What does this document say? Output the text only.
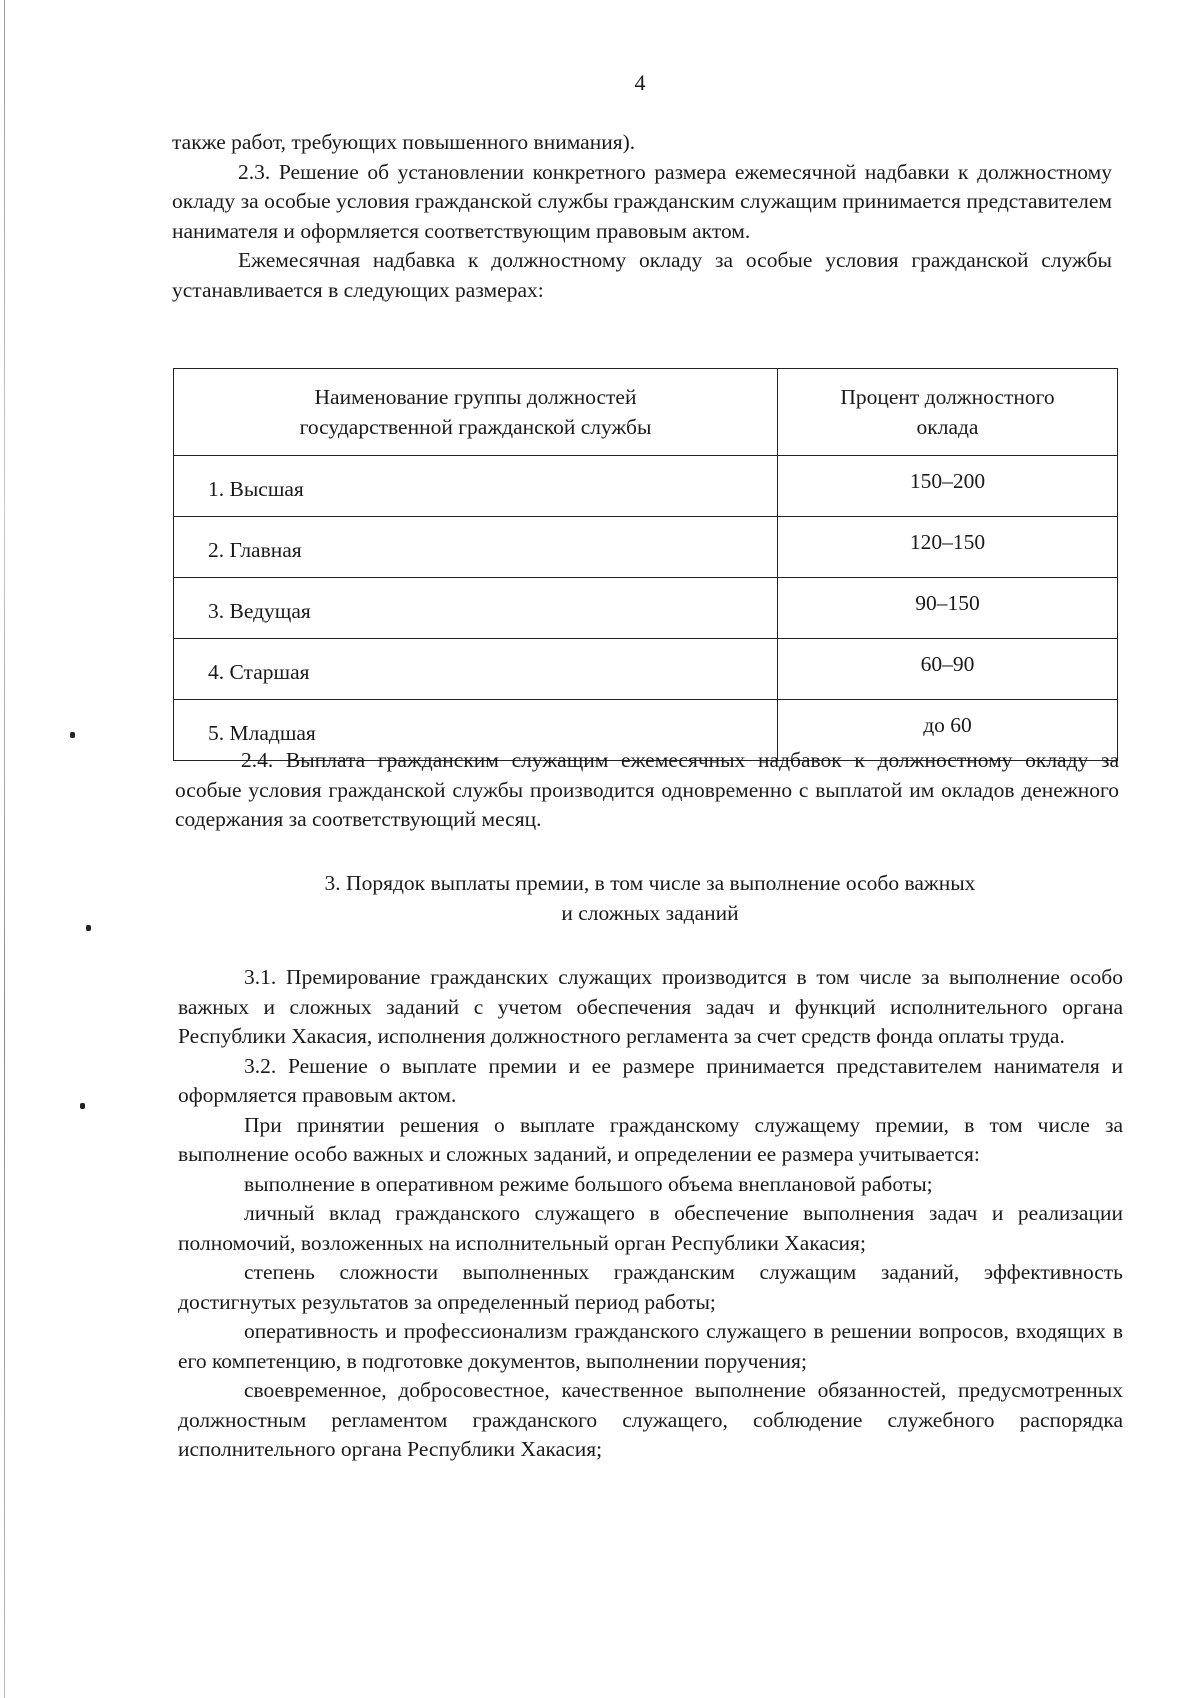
4

также работ, требующих повышенного внимания).

2.3. Решение об установлении конкретного размера ежемесячной надбавки к должностному окладу за особые условия гражданской службы гражданским служащим принимается представителем нанимателя и оформляется соответствующим правовым актом.

Ежемесячная надбавка к должностному окладу за особые условия гражданской службы устанавливается в следующих размерах:

Наименование группы должностей государственной гражданской службы	Процент должностного оклада

1. Высшая	150–200
2. Главная	120–150
3. Ведущая	90–150
4. Старшая	60–90
5. Младшая	до 60

2.4. Выплата гражданским служащим ежемесячных надбавок к должностному окладу за особые условия гражданской службы производится одновременно с выплатой им окладов денежного содержания за соответствующий месяц.

3. Порядок выплаты премии, в том числе за выполнение особо важных
и сложных заданий

3.1. Премирование гражданских служащих производится в том числе за выполнение особо важных и сложных заданий с учетом обеспечения задач и функций исполнительного органа Республики Хакасия, исполнения должностного регламента за счет средств фонда оплаты труда.

3.2. Решение о выплате премии и ее размере принимается представителем нанимателя и оформляется правовым актом.

При принятии решения о выплате гражданскому служащему премии, в том числе за выполнение особо важных и сложных заданий, и определении ее размера учитывается:

выполнение в оперативном режиме большого объема внеплановой работы;

личный вклад гражданского служащего в обеспечение выполнения задач и реализации полномочий, возложенных на исполнительный орган Республики Хакасия;

степень сложности выполненных гражданским служащим заданий, эффективность достигнутых результатов за определенный период работы;

оперативность и профессионализм гражданского служащего в решении вопросов, входящих в его компетенцию, в подготовке документов, выполнении поручения;

своевременное, добросовестное, качественное выполнение обязанностей, предусмотренных должностным регламентом гражданского служащего, соблюдение служебного распорядка исполнительного органа Республики Хакасия;
